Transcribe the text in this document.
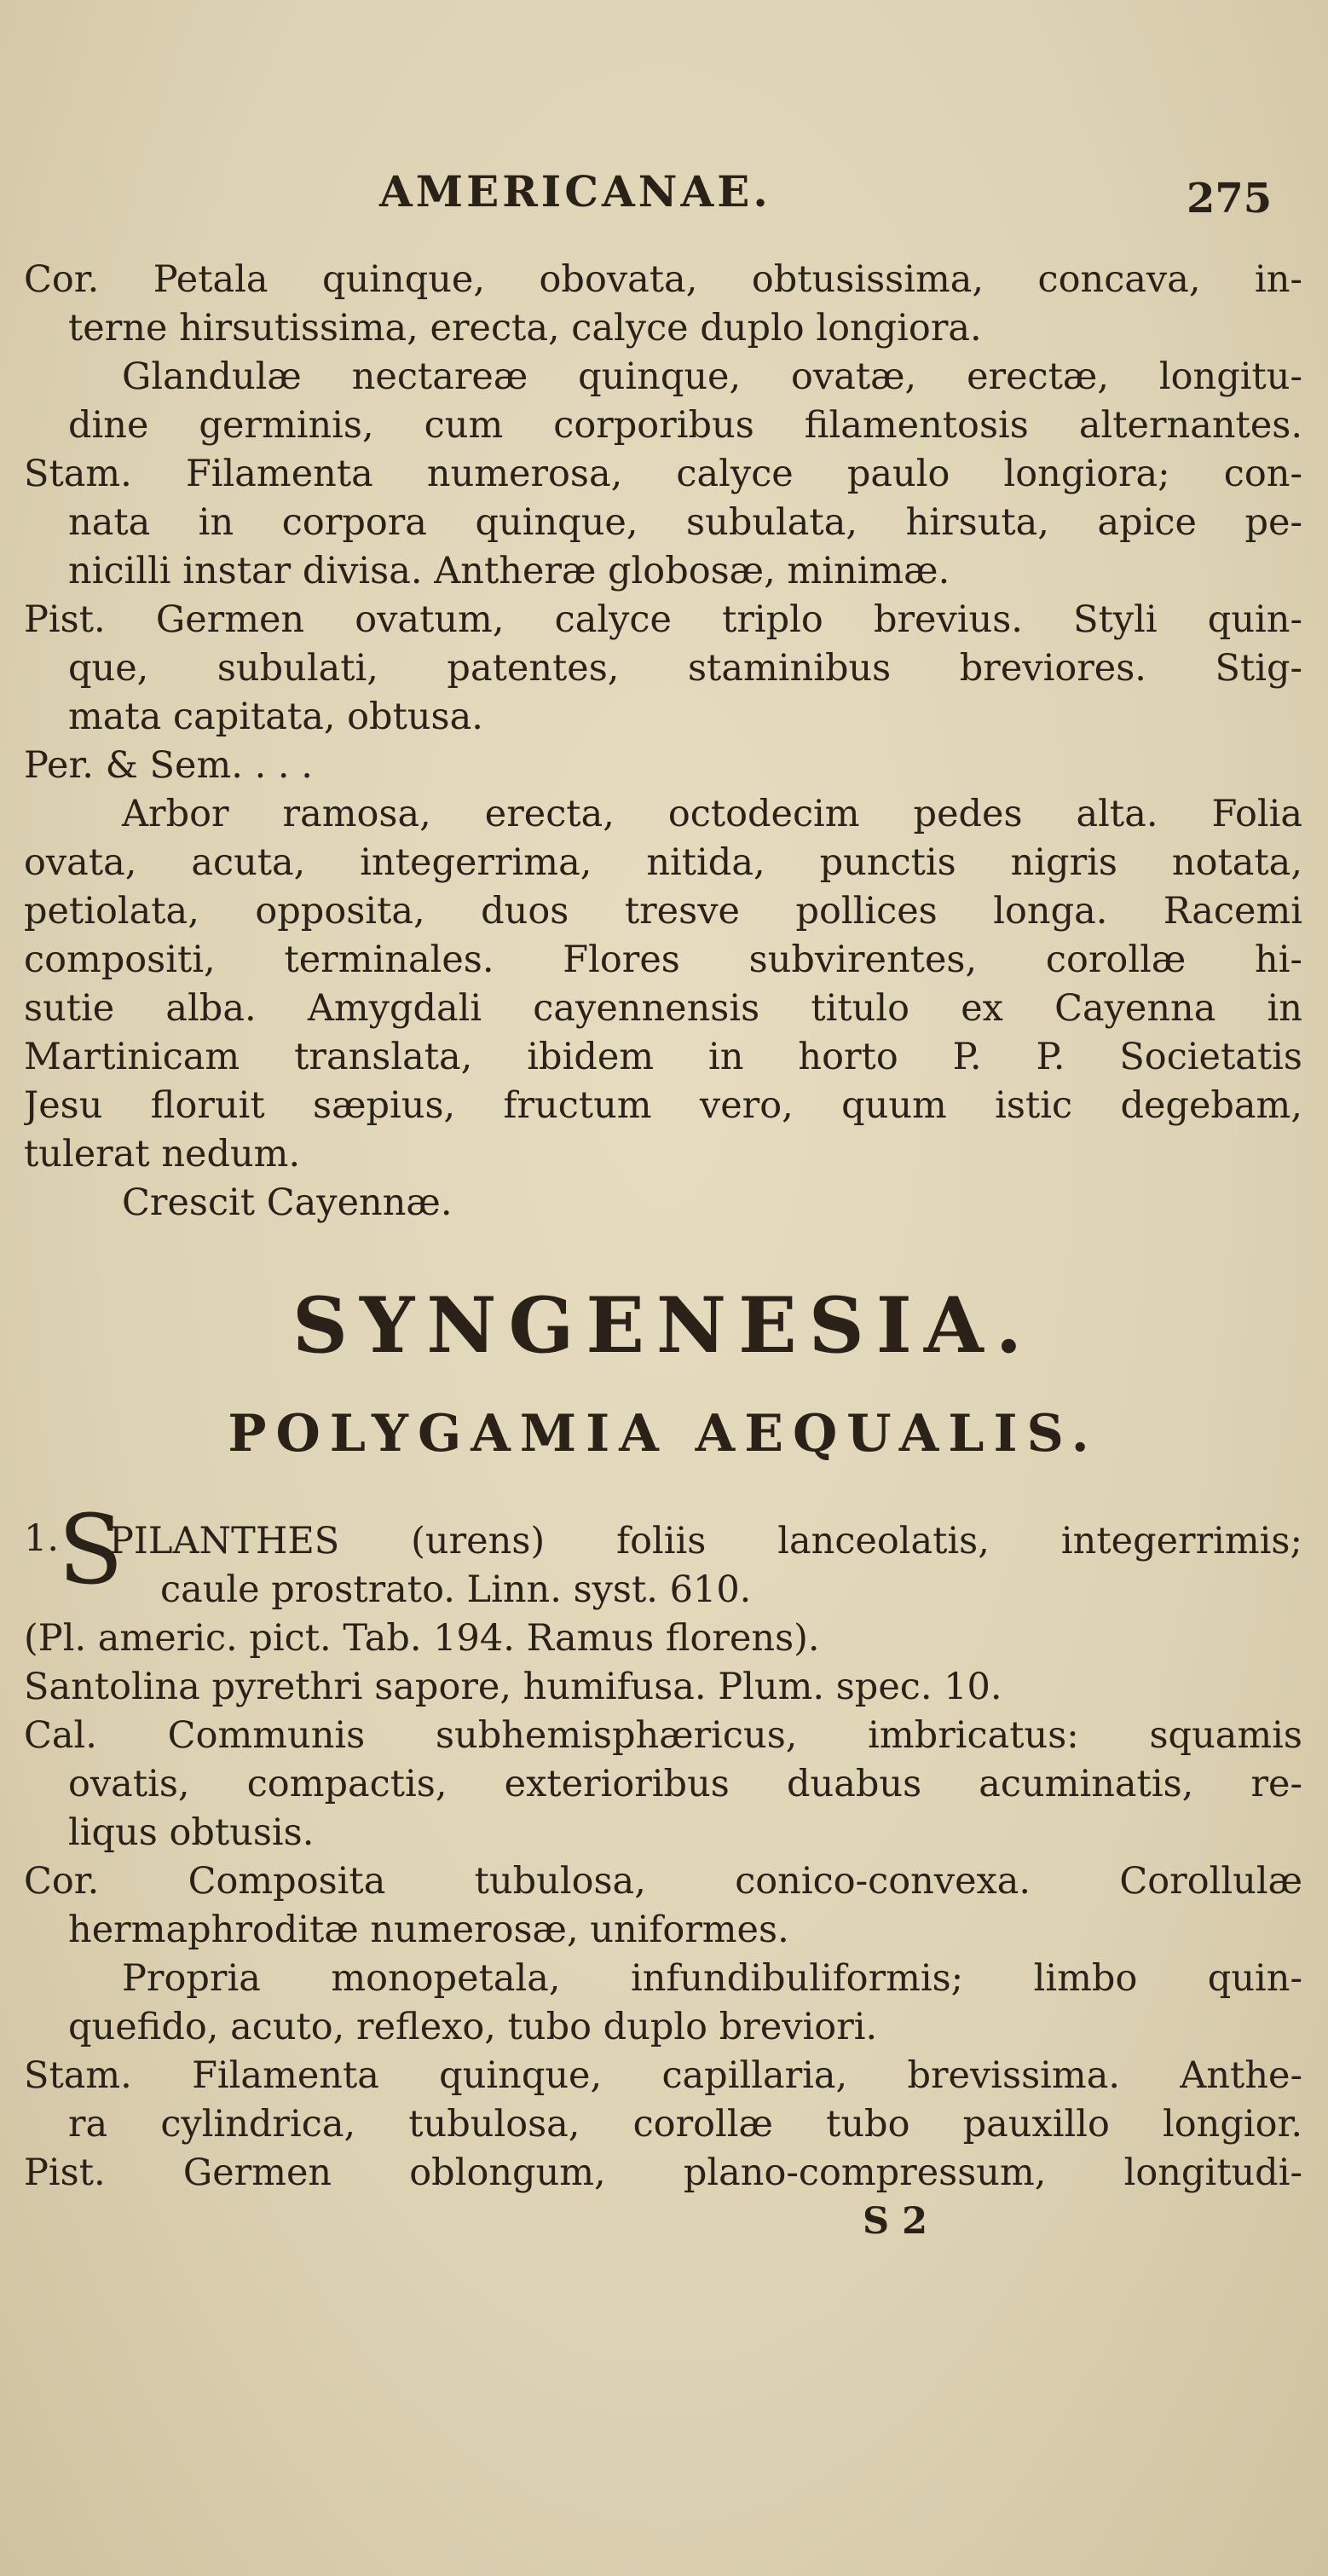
AMERICANAE.	275
Cor. Petala quinque, obovata, obtusissima, concava, in-
terne hirsutissima, erecta, calyce duplo longiora.
Glandulæ nectareæ quinque, ovatæ, erectæ, longitu-
dine germinis, cum corporibus filamentosis alternantes.
Stam. Filamenta numerosa, calyce paulo longiora; con-
nata in corpora quinque, subulata, hirsuta, apice pe-
nicilli instar divisa. Antheræ globosæ, minimæ.
Pist. Germen ovatum, calyce triplo brevius. Styli quin-
que, subulati, patentes, staminibus breviores. Stig-
mata capitata, obtusa.
Per. & Sem. . . .
Arbor ramosa, erecta, octodecim pedes alta. Folia
ovata, acuta, integerrima, nitida, punctis nigris notata,
petiolata, opposita, duos tresve pollices longa. Racemi
compositi, terminales. Flores subvirentes, corollæ hi-
sutie alba. Amygdali cayennensis titulo ex Cayenna in
Martinicam translata, ibidem in horto P. P. Societatis
Jesu floruit sæpius, fructum vero, quum istic degebam,
tulerat nedum.
Crescit Cayennæ.
SYNGENESIA.
POLYGAMIA AEQUALIS.
1.
S
PILANTHES (urens) foliis lanceolatis, integerrimis;
caule prostrato. Linn. syst. 610.
(Pl. americ. pict. Tab. 194. Ramus florens).
Santolina pyrethri sapore, humifusa. Plum. spec. 10.
Cal. Communis subhemisphæricus, imbricatus: squamis
ovatis, compactis, exterioribus duabus acuminatis, re-
liqus obtusis.
Cor. Composita tubulosa, conico-convexa. Corollulæ
hermaphroditæ numerosæ, uniformes.
Propria monopetala, infundibuliformis; limbo quin-
quefido, acuto, reflexo, tubo duplo breviori.
Stam. Filamenta quinque, capillaria, brevissima. Anthe-
ra cylindrica, tubulosa, corollæ tubo pauxillo longior.
Pist. Germen oblongum, plano-compressum, longitudi-
S 2
